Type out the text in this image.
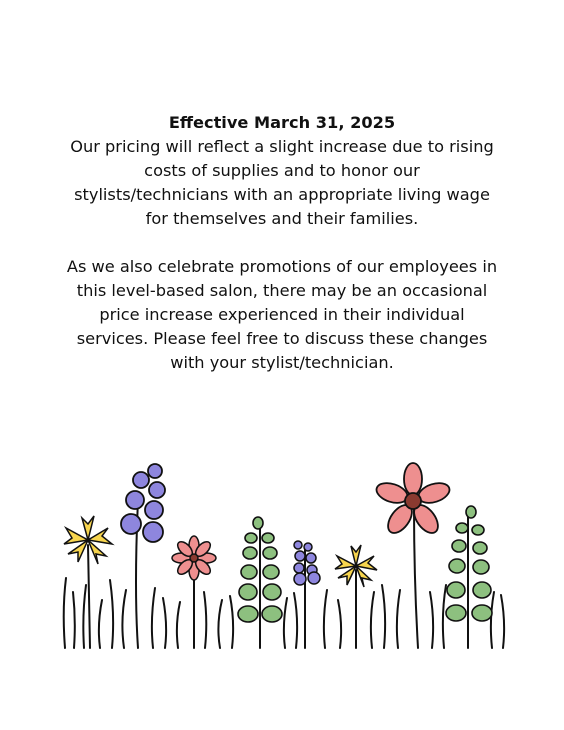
Effective March 31, 2025

Our pricing will reflect a slight increase due to rising

costs of supplies and to honor our

stylists/technicians with an appropriate living wage

for themselves and their families.

As we also celebrate promotions of our employees in

this level-based salon, there may be an occasional

price increase experienced in their individual

services. Please feel free to discuss these changes

with your stylist/technician.
